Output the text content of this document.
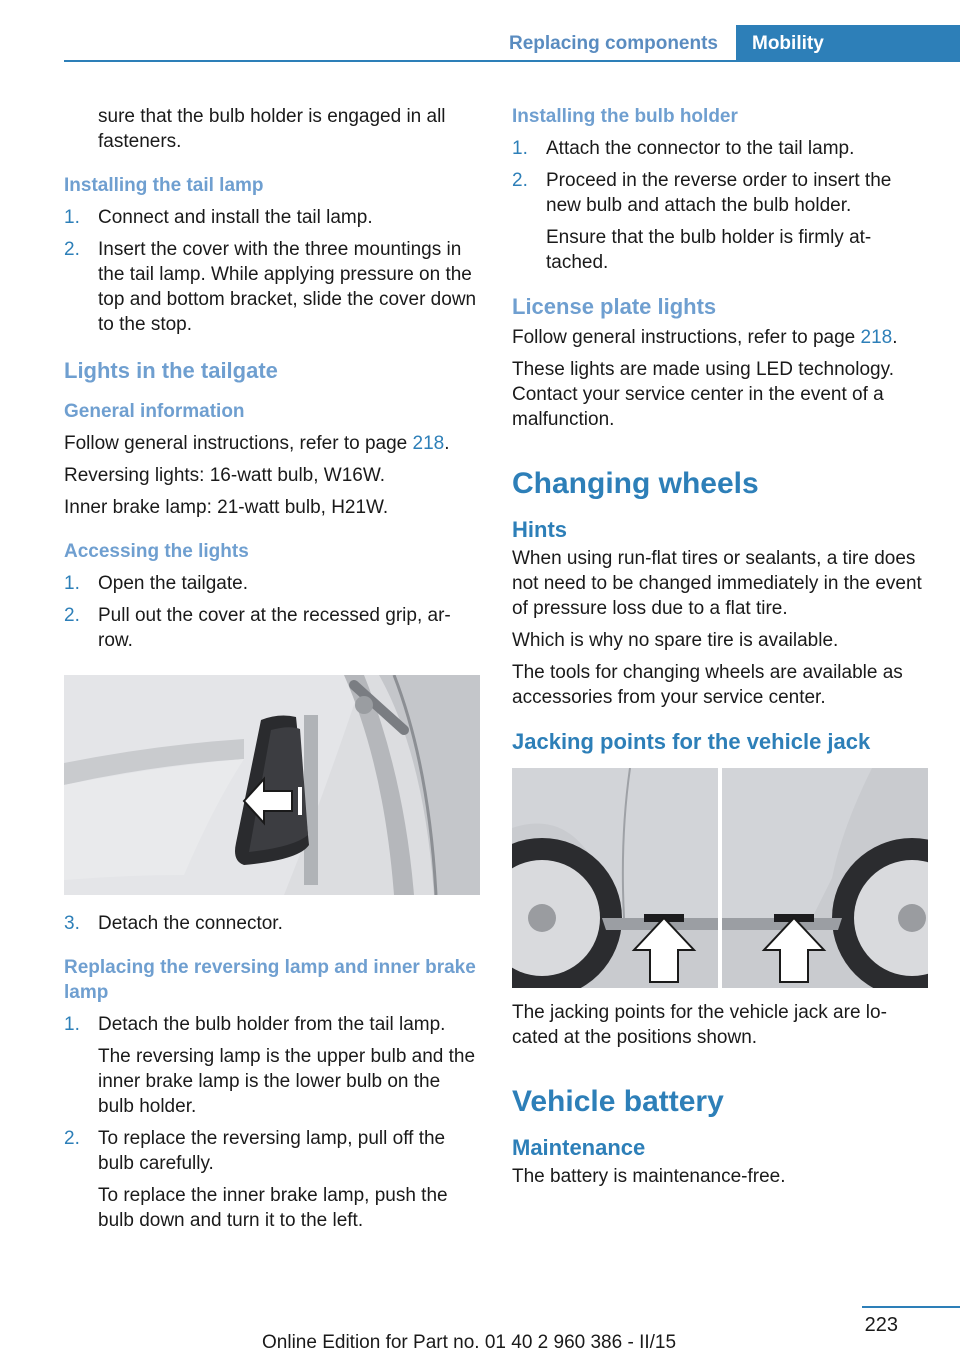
Replacing components	Mobility

sure that the bulb holder is engaged in all fasteners.

Installing the tail lamp
1. Connect and install the tail lamp.
2. Insert the cover with the three mountings in the tail lamp. While applying pressure on the top and bottom bracket, slide the cover down to the stop.
Lights in the tailgate
General information

Follow general instructions, refer to page 218.

Reversing lights: 16-watt bulb, W16W.

Inner brake lamp: 21-watt bulb, H21W.

Accessing the lights
1. Open the tailgate.
2. Pull out the cover at the recessed grip, ar‐ row.
3. Detach the connector.
Replacing the reversing lamp and inner brake lamp
1. Detach the bulb holder from the tail lamp.
The reversing lamp is the upper bulb and the inner brake lamp is the lower bulb on the bulb holder.
2. To replace the reversing lamp, pull off the bulb carefully.
To replace the inner brake lamp, push the bulb down and turn it to the left.
Installing the bulb holder
1. Attach the connector to the tail lamp.
2. Proceed in the reverse order to insert the new bulb and attach the bulb holder.
Ensure that the bulb holder is firmly at‐ tached.
License plate lights

Follow general instructions, refer to page 218.

These lights are made using LED technology. Contact your service center in the event of a malfunction.

Changing wheels
Hints

When using run-flat tires or sealants, a tire does not need to be changed immediately in the event of pressure loss due to a flat tire.

Which is why no spare tire is available.

The tools for changing wheels are available as accessories from your service center.

Jacking points for the vehicle jack

The jacking points for the vehicle jack are lo‐ cated at the positions shown.

Vehicle battery
Maintenance

The battery is maintenance-free.

223
Online Edition for Part no. 01 40 2 960 386 - II/15
